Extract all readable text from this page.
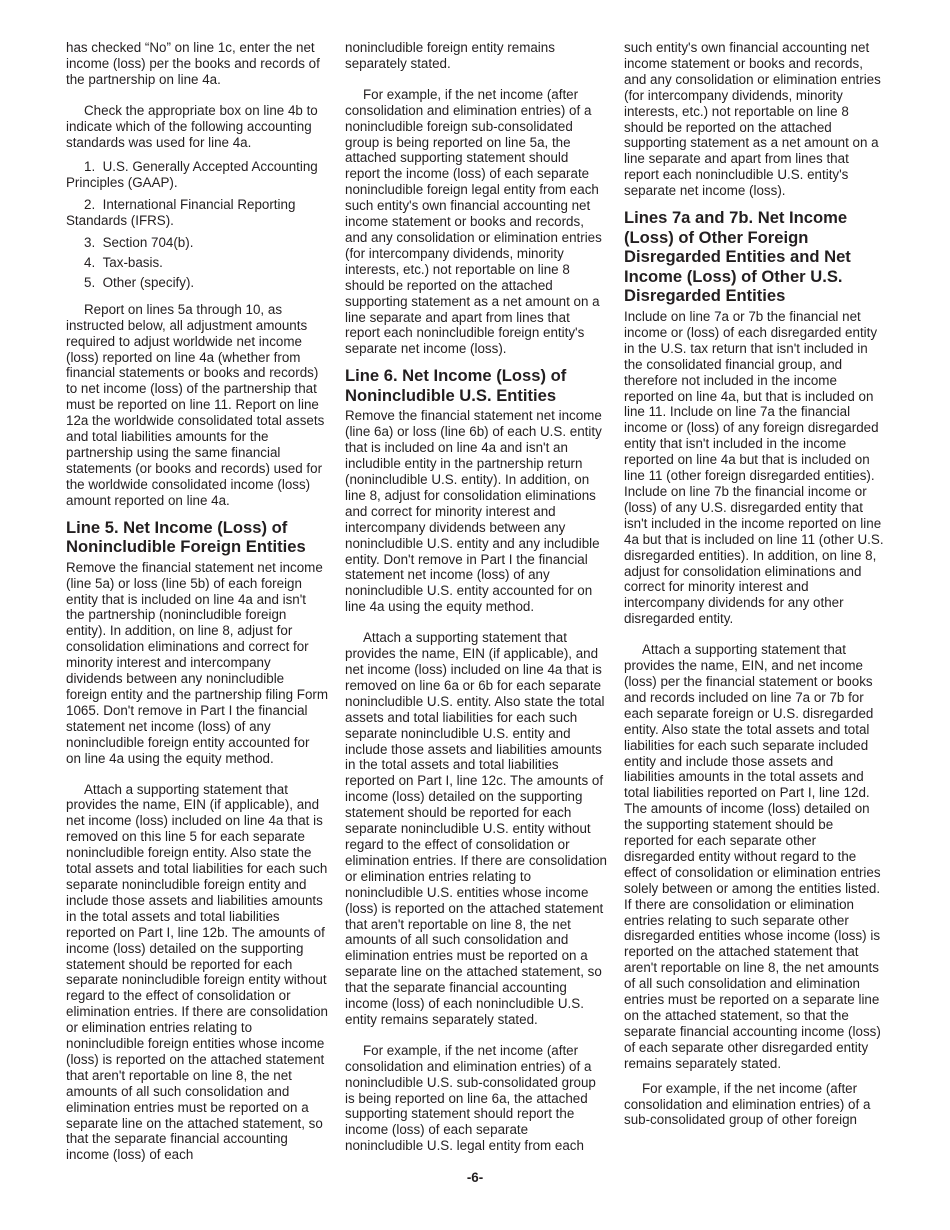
has checked “No” on line 1c, enter the net income (loss) per the books and records of the partnership on line 4a.

Check the appropriate box on line 4b to indicate which of the following accounting standards was used for line 4a.

1.  U.S. Generally Accepted Accounting Principles (GAAP).

2.  International Financial Reporting Standards (IFRS).

3.  Section 704(b).

4.  Tax-basis.

5.  Other (specify).

Report on lines 5a through 10, as instructed below, all adjustment amounts required to adjust worldwide net income (loss) reported on line 4a (whether from financial statements or books and records) to net income (loss) of the partnership that must be reported on line 11. Report on line 12a the worldwide consolidated total assets and total liabilities amounts for the partnership using the same financial statements (or books and records) used for the worldwide consolidated income (loss) amount reported on line 4a.

Line 5. Net Income (Loss) of Nonincludible Foreign Entities

Remove the financial statement net income (line 5a) or loss (line 5b) of each foreign entity that is included on line 4a and isn't the partnership (nonincludible foreign entity). In addition, on line 8, adjust for consolidation eliminations and correct for minority interest and intercompany dividends between any nonincludible foreign entity and the partnership filing Form 1065. Don't remove in Part I the financial statement net income (loss) of any nonincludible foreign entity accounted for on line 4a using the equity method.

Attach a supporting statement that provides the name, EIN (if applicable), and net income (loss) included on line 4a that is removed on this line 5 for each separate nonincludible foreign entity. Also state the total assets and total liabilities for each such separate nonincludible foreign entity and include those assets and liabilities amounts in the total assets and total liabilities reported on Part I, line 12b. The amounts of income (loss) detailed on the supporting statement should be reported for each separate nonincludible foreign entity without regard to the effect of consolidation or elimination entries. If there are consolidation or elimination entries relating to nonincludible foreign entities whose income (loss) is reported on the attached statement that aren't reportable on line 8, the net amounts of all such consolidation and elimination entries must be reported on a separate line on the attached statement, so that the separate financial accounting income (loss) of each

nonincludible foreign entity remains separately stated.

For example, if the net income (after consolidation and elimination entries) of a nonincludible foreign sub-consolidated group is being reported on line 5a, the attached supporting statement should report the income (loss) of each separate nonincludible foreign legal entity from each such entity's own financial accounting net income statement or books and records, and any consolidation or elimination entries (for intercompany dividends, minority interests, etc.) not reportable on line 8 should be reported on the attached supporting statement as a net amount on a line separate and apart from lines that report each nonincludible foreign entity's separate net income (loss).

Line 6. Net Income (Loss) of Nonincludible U.S. Entities

Remove the financial statement net income (line 6a) or loss (line 6b) of each U.S. entity that is included on line 4a and isn't an includible entity in the partnership return (nonincludible U.S. entity). In addition, on line 8, adjust for consolidation eliminations and correct for minority interest and intercompany dividends between any nonincludible U.S. entity and any includible entity. Don't remove in Part I the financial statement net income (loss) of any nonincludible U.S. entity accounted for on line 4a using the equity method.

Attach a supporting statement that provides the name, EIN (if applicable), and net income (loss) included on line 4a that is removed on line 6a or 6b for each separate nonincludible U.S. entity. Also state the total assets and total liabilities for each such separate nonincludible U.S. entity and include those assets and liabilities amounts in the total assets and total liabilities reported on Part I, line 12c. The amounts of income (loss) detailed on the supporting statement should be reported for each separate nonincludible U.S. entity without regard to the effect of consolidation or elimination entries. If there are consolidation or elimination entries relating to nonincludible U.S. entities whose income (loss) is reported on the attached statement that aren't reportable on line 8, the net amounts of all such consolidation and elimination entries must be reported on a separate line on the attached statement, so that the separate financial accounting income (loss) of each nonincludible U.S. entity remains separately stated.

For example, if the net income (after consolidation and elimination entries) of a nonincludible U.S. sub-consolidated group is being reported on line 6a, the attached supporting statement should report the income (loss) of each separate nonincludible U.S. legal entity from each

such entity's own financial accounting net income statement or books and records, and any consolidation or elimination entries (for intercompany dividends, minority interests, etc.) not reportable on line 8 should be reported on the attached supporting statement as a net amount on a line separate and apart from lines that report each nonincludible U.S. entity's separate net income (loss).

Lines 7a and 7b. Net Income (Loss) of Other Foreign Disregarded Entities and Net Income (Loss) of Other U.S. Disregarded Entities

Include on line 7a or 7b the financial net income or (loss) of each disregarded entity in the U.S. tax return that isn't included in the consolidated financial group, and therefore not included in the income reported on line 4a, but that is included on line 11. Include on line 7a the financial income or (loss) of any foreign disregarded entity that isn't included in the income reported on line 4a but that is included on line 11 (other foreign disregarded entities). Include on line 7b the financial income or (loss) of any U.S. disregarded entity that isn't included in the income reported on line 4a but that is included on line 11 (other U.S. disregarded entities). In addition, on line 8, adjust for consolidation eliminations and correct for minority interest and intercompany dividends for any other disregarded entity.

Attach a supporting statement that provides the name, EIN, and net income (loss) per the financial statement or books and records included on line 7a or 7b for each separate foreign or U.S. disregarded entity. Also state the total assets and total liabilities for each such separate included entity and include those assets and liabilities amounts in the total assets and total liabilities reported on Part I, line 12d. The amounts of income (loss) detailed on the supporting statement should be reported for each separate other disregarded entity without regard to the effect of consolidation or elimination entries solely between or among the entities listed. If there are consolidation or elimination entries relating to such separate other disregarded entities whose income (loss) is reported on the attached statement that aren't reportable on line 8, the net amounts of all such consolidation and elimination entries must be reported on a separate line on the attached statement, so that the separate financial accounting income (loss) of each separate other disregarded entity remains separately stated.

For example, if the net income (after consolidation and elimination entries) of a sub-consolidated group of other foreign

-6-
